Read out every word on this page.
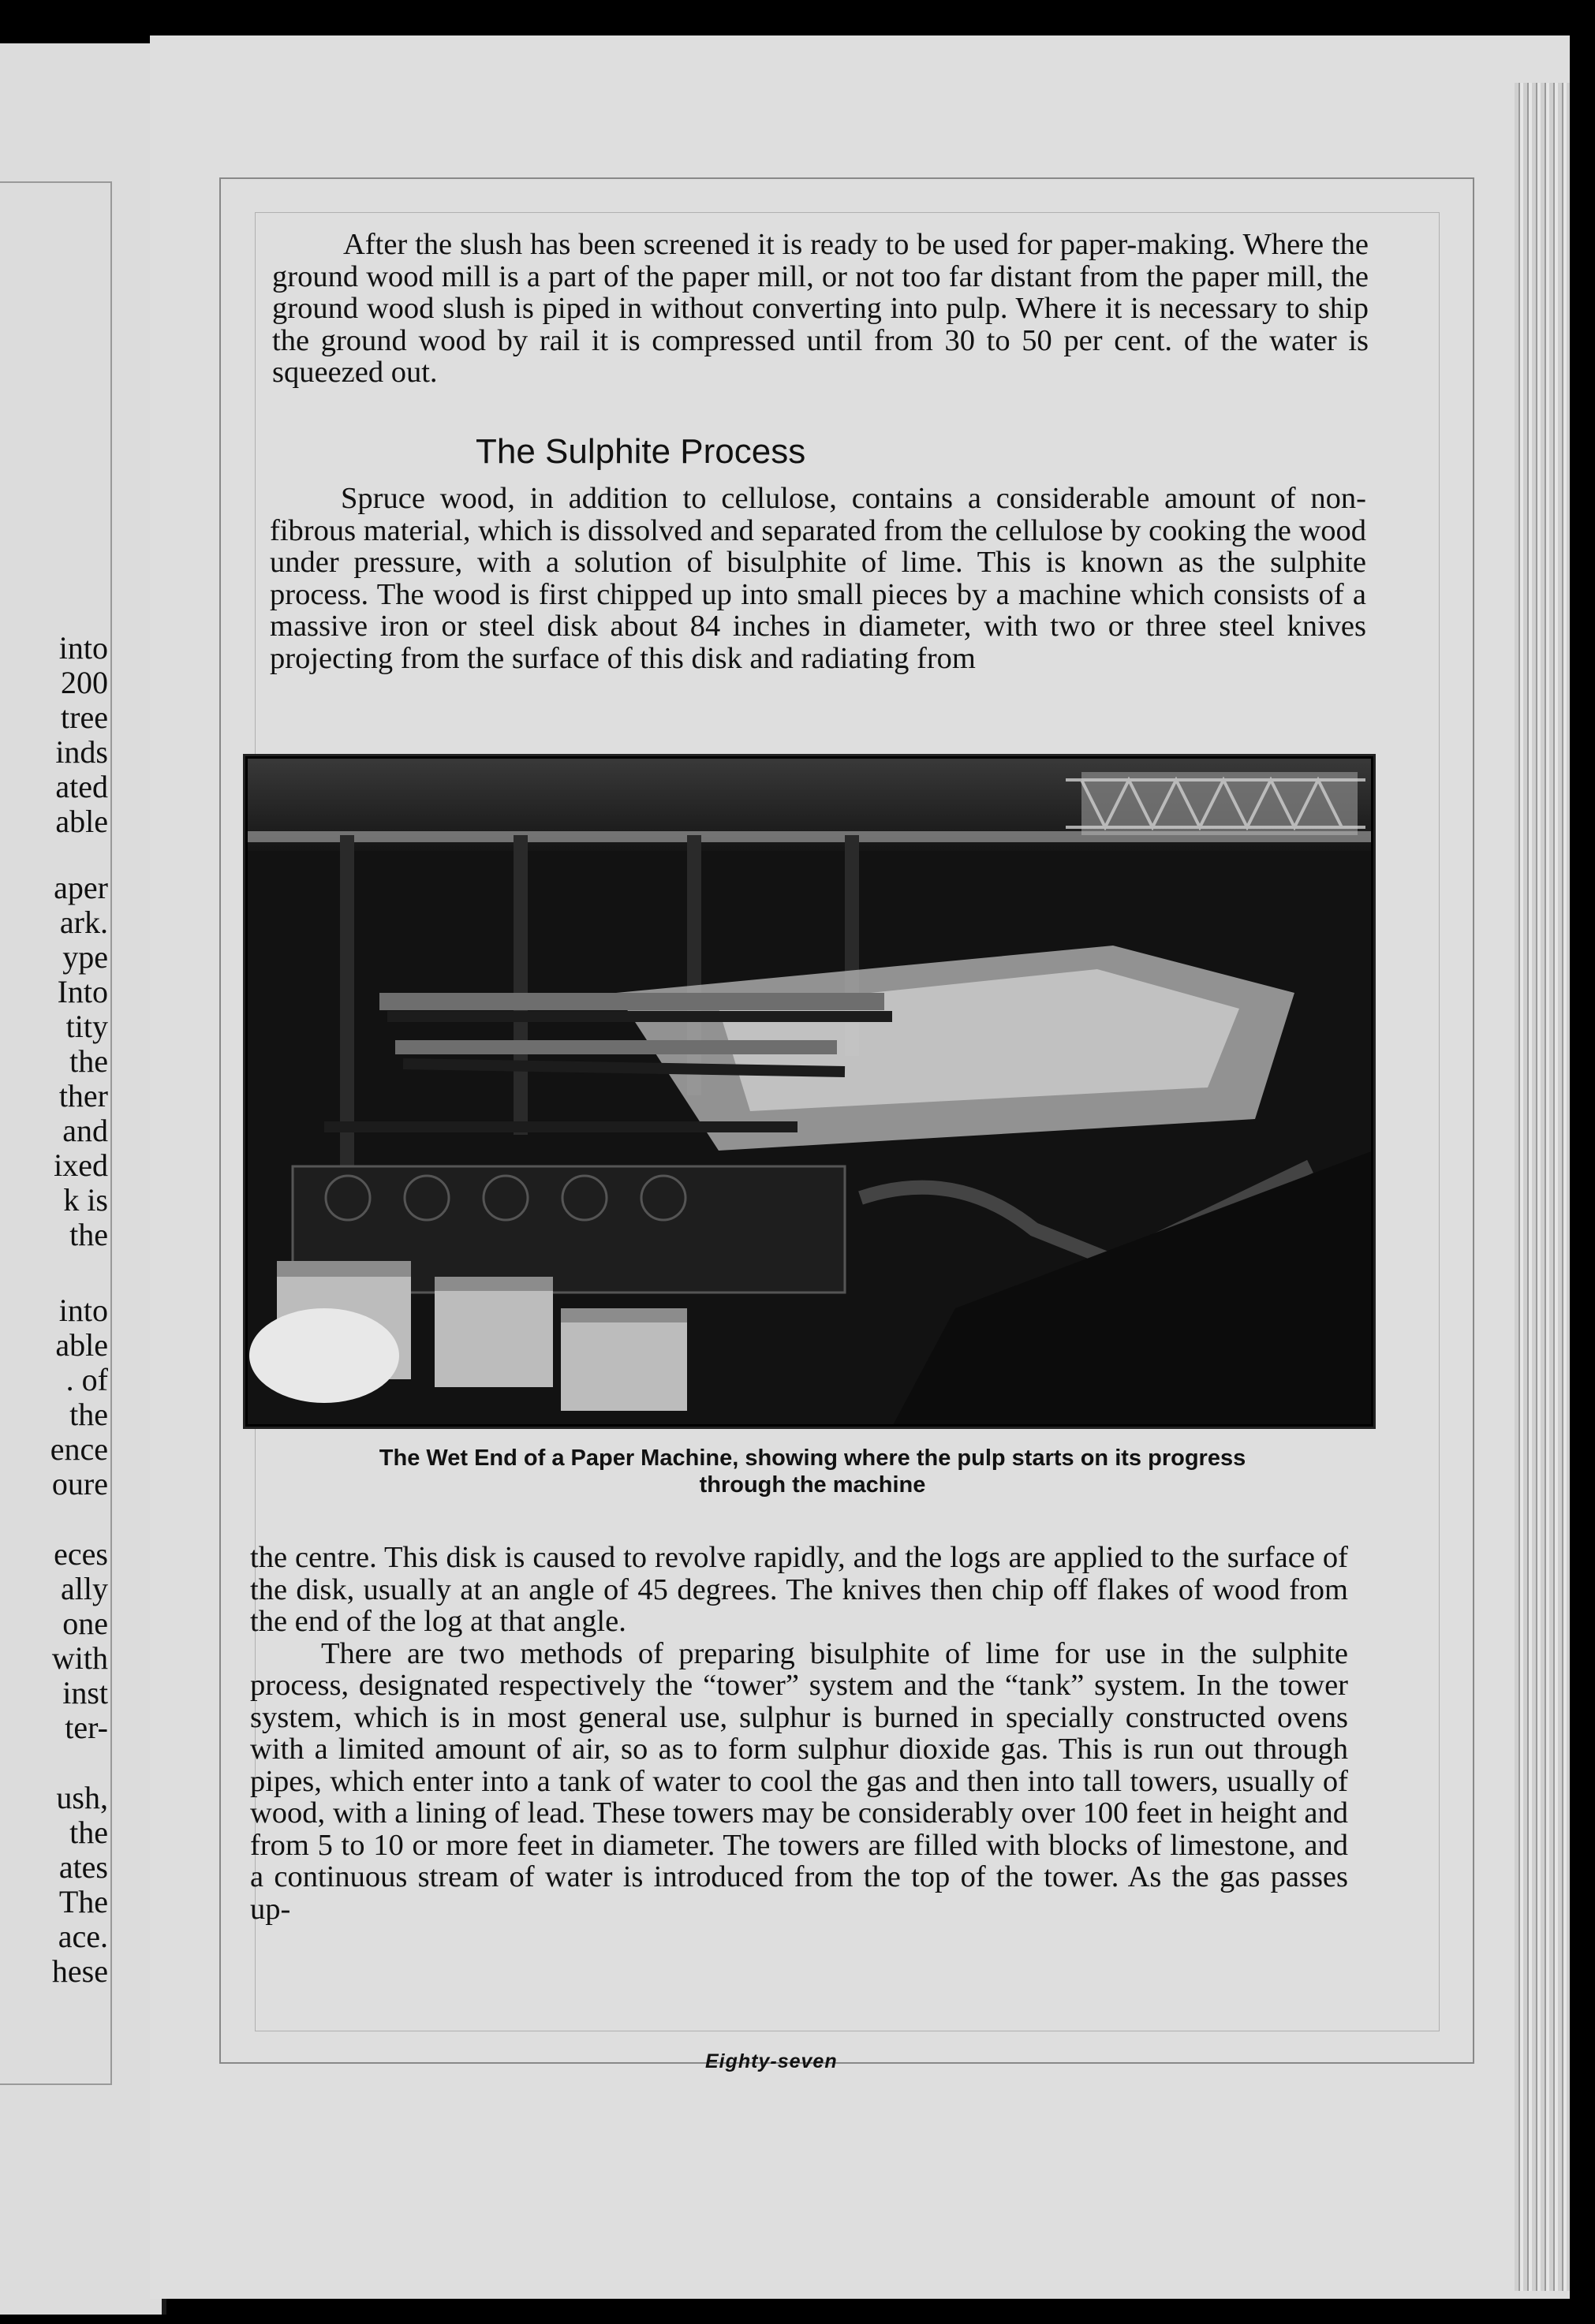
into
200
tree
inds
ated
able
aper
ark.
ype
Into
tity
the
ther
and
ixed
k is
the
into
able
. of
the
ence
oure
eces
ally
one
with
inst
ter-
ush,
the
ates
The
ace.
hese

After the slush has been screened it is ready to be used for paper-making. Where the ground wood mill is a part of the paper mill, or not too far distant from the paper mill, the ground wood slush is piped in without converting into pulp. Where it is necessary to ship the ground wood by rail it is compressed until from 30 to 50 per cent. of the water is squeezed out.

The Sulphite Process

Spruce wood, in addition to cellulose, contains a considerable amount of non-fibrous material, which is dissolved and separated from the cellulose by cooking the wood under pressure, with a solution of bisulphite of lime. This is known as the sulphite process. The wood is first chipped up into small pieces by a machine which consists of a massive iron or steel disk about 84 inches in diameter, with two or three steel knives projecting from the surface of this disk and radiating from

The Wet End of a Paper Machine, showing where the pulp starts on its progress
through the machine

the centre. This disk is caused to revolve rapidly, and the logs are applied to the surface of the disk, usually at an angle of 45 degrees. The knives then chip off flakes of wood from the end of the log at that angle.

There are two methods of preparing bisulphite of lime for use in the sulphite process, designated respectively the “tower” system and the “tank” system. In the tower system, which is in most general use, sulphur is burned in specially constructed ovens with a limited amount of air, so as to form sulphur dioxide gas. This is run out through pipes, which enter into a tank of water to cool the gas and then into tall towers, usually of wood, with a lining of lead. These towers may be considerably over 100 feet in height and from 5 to 10 or more feet in diameter. The towers are filled with blocks of limestone, and a continuous stream of water is introduced from the top of the tower. As the gas passes up-

Eighty-seven
